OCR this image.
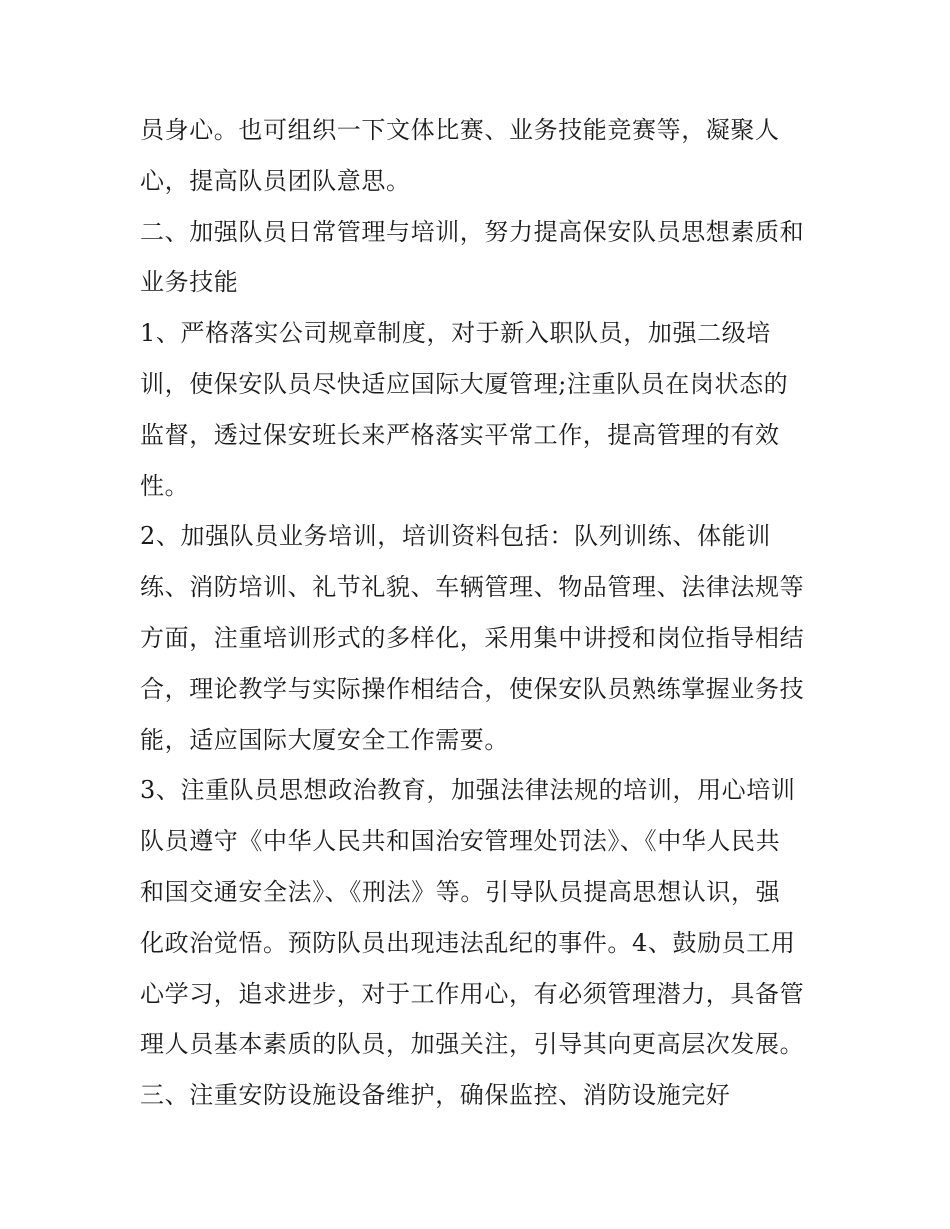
员身心。也可组织一下文体比赛、业务技能竞赛等，凝聚人
心，提高队员团队意思。
二、加强队员日常管理与培训，努力提高保安队员思想素质和
业务技能
1、严格落实公司规章制度，对于新入职队员，加强二级培
训，使保安队员尽快适应国际大厦管理;注重队员在岗状态的
监督，透过保安班长来严格落实平常工作，提高管理的有效
性。
2、加强队员业务培训，培训资料包括：队列训练、体能训
练、消防培训、礼节礼貌、车辆管理、物品管理、法律法规等
方面，注重培训形式的多样化，采用集中讲授和岗位指导相结
合，理论教学与实际操作相结合，使保安队员熟练掌握业务技
能，适应国际大厦安全工作需要。
3、注重队员思想政治教育，加强法律法规的培训，用心培训
队员遵守《中华人民共和国治安管理处罚法》、《中华人民共
和国交通安全法》、《刑法》等。引导队员提高思想认识，强
化政治觉悟。预防队员出现违法乱纪的事件。4、鼓励员工用
心学习，追求进步，对于工作用心，有必须管理潜力，具备管
理人员基本素质的队员，加强关注，引导其向更高层次发展。
三、注重安防设施设备维护，确保监控、消防设施完好
